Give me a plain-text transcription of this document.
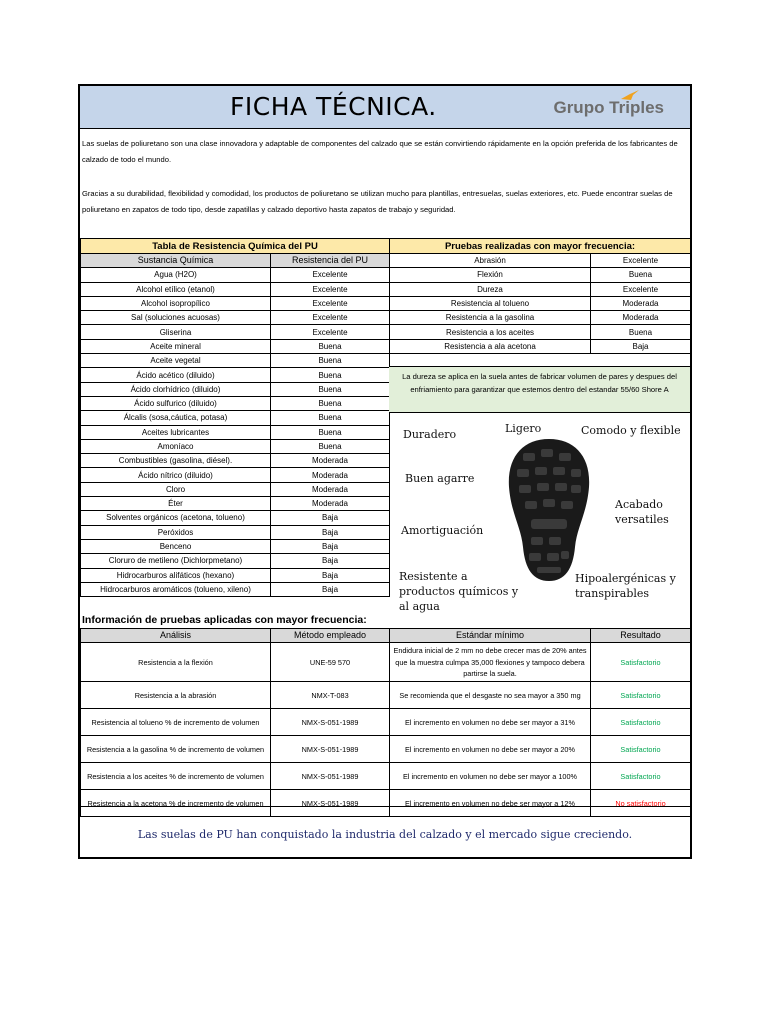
FICHA TÉCNICA.	Grupo Triples
Las suelas de poliuretano son una clase innovadora y adaptable de componentes del calzado que se están convirtiendo rápidamente en la opción preferida de los fabricantes de calzado de todo el mundo.
Gracias a su durabilidad, flexibilidad y comodidad, los productos de poliuretano se utilizan mucho para plantillas, entresuelas, suelas exteriores, etc. Puede encontrar suelas de poliuretano en zapatos de todo tipo, desde zapatillas y calzado deportivo hasta zapatos de trabajo y seguridad.
Tabla de Resistencia Química del PU	
Sustancia Química	Resistencia del PU
Agua (H2O)	Excelente
Alcohol etílico (etanol)	Excelente
Alcohol isopropílico	Excelente
Sal (soluciones acuosas)	Excelente
Gliserina	Excelente
Aceite mineral	Buena
Aceite vegetal	Buena
Ácido acético (diluido)	Buena
Ácido clorhídrico (diluido)	Buena
Ácido sulfurico (diluido)	Buena
Álcalis (sosa,cáutica, potasa)	Buena
Aceites lubricantes	Buena
Amoníaco	Buena
Combustibles (gasolina, diésel).	Moderada
Ácido nítrico (diluido)	Moderada
Cloro	Moderada
Éter	Moderada
Solventes orgánicos (acetona, tolueno)	Baja
Peróxidos	Baja
Benceno	Baja
Cloruro de metileno (Dichlorpmetano)	Baja
Hidrocarburos alifáticos (hexano)	Baja
Hidrocarburos aromáticos (tolueno, xileno)	Baja
Pruebas realizadas con mayor frecuencia:	
Abrasión	Excelente
Flexión	Buena
Dureza	Excelente
Resistencia al tolueno	Moderada
Resistencia a la gasolina	Moderada
Resistencia a los aceites	Buena
Resistencia a ala acetona	Baja
La dureza se aplica en la suela antes de fabricar volumen de pares y despues del enfriamiento para garantizar que estemos dentro del estandar 55/60 Shore A
Duradero	Ligero	Comodo y flexible
Buen agarre
Acabado versatiles
Amortiguación
Resistente a productos químicos y al agua
Hipoalergénicas y transpirables
Información de pruebas aplicadas con mayor frecuencia:
Análisis	Método empleado	Estándar mínimo	Resultado
Resistencia a la flexión	UNE-59 570	Endidura inicial de 2 mm no debe crecer mas de 20% antes que la muestra culmpa 35,000 flexiones y tampoco debera partirse la suela.	Satisfactorio
Resistencia a la abrasión	NMX-T-083	Se recomienda que el desgaste no sea mayor a 350 mg	Satisfactorio
Resistencia al tolueno % de incremento de volumen	NMX-S-051-1989	El incremento en volumen no debe ser mayor a 31%	Satisfactorio
Resistencia a la gasolina % de incremento de volumen	NMX-S-051-1989	El incremento en volumen no debe ser mayor a 20%	Satisfactorio
Resistencia a los aceites % de incremento de volumen	NMX-S-051-1989	El incremento en volumen no debe ser mayor a 100%	Satisfactorio
Resistencia a la acetona % de incremento de volumen	NMX-S-051-1989	El incremento en volumen no debe ser mayor a 12%	No satisfactorio
Las suelas de PU han conquistado la industria del calzado y el mercado sigue creciendo.
